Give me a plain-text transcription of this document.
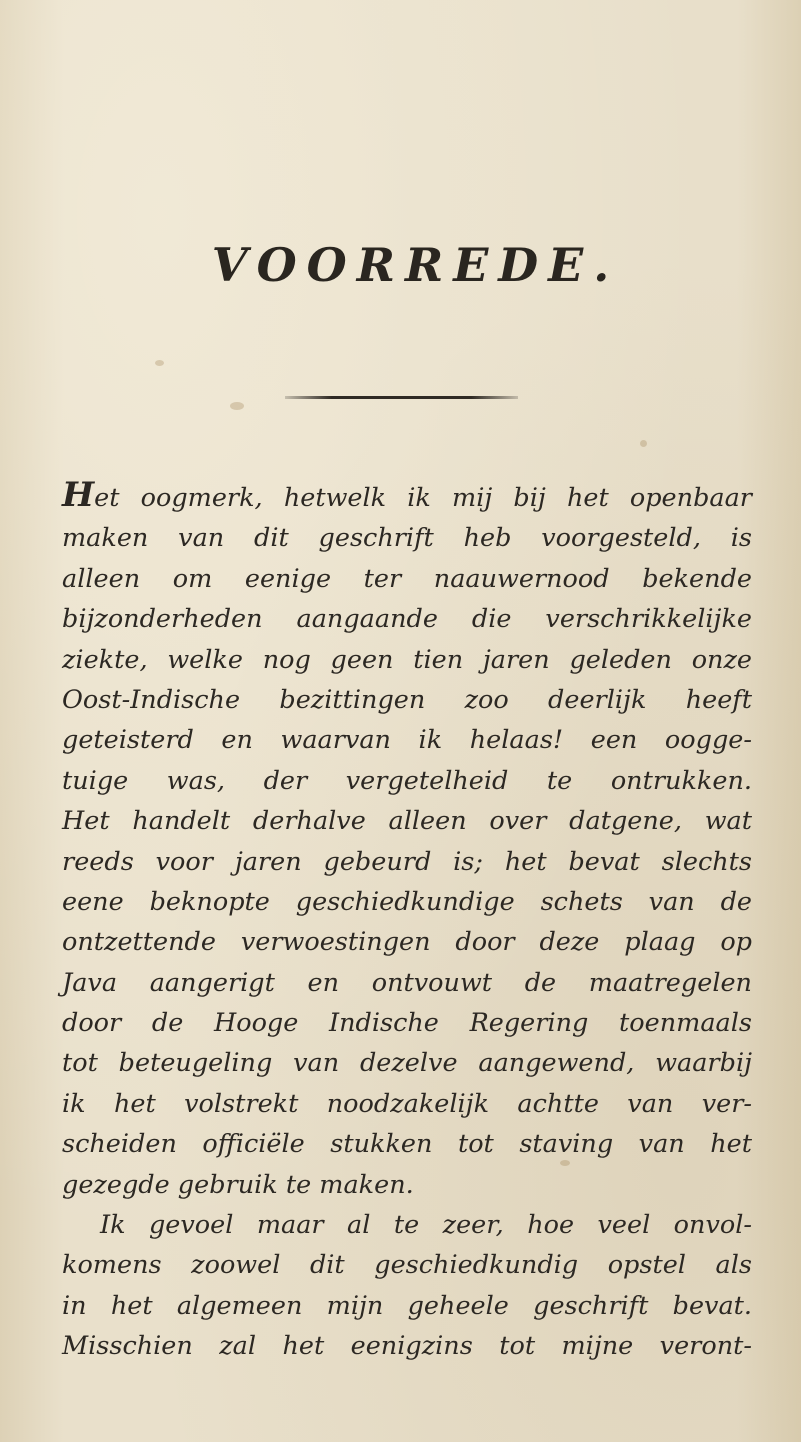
VOORREDE.
Het oogmerk, hetwelk ik mij bij het openbaar
maken van dit geschrift heb voorgesteld, is
alleen om eenige ter naauwernood bekende
bijzonderheden aangaande die verschrikkelijke
ziekte, welke nog geen tien jaren geleden onze
Oost-Indische bezittingen zoo deerlijk heeft
geteisterd en waarvan ik helaas! een oogge-
tuige was, der vergetelheid te ontrukken.
Het handelt derhalve alleen over datgene, wat
reeds voor jaren gebeurd is; het bevat slechts
eene beknopte geschiedkundige schets van de
ontzettende verwoestingen door deze plaag op
Java aangerigt en ontvouwt de maatregelen
door de Hooge Indische Regering toenmaals
tot beteugeling van dezelve aangewend, waarbij
ik het volstrekt noodzakelijk achtte van ver-
scheiden officiële stukken tot staving van het
gezegde gebruik te maken.
Ik gevoel maar al te zeer, hoe veel onvol-
komens zoowel dit geschiedkundig opstel als
in het algemeen mijn geheele geschrift bevat.
Misschien zal het eenigzins tot mijne veront-
